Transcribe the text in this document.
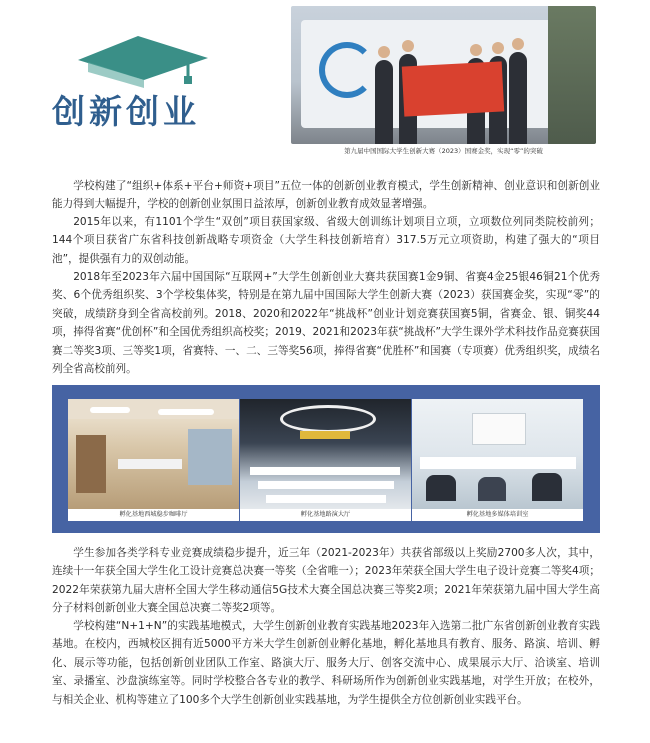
创新创业
第九届中国国际大学生创新大赛（2023）国赛金奖，实现“零”的突破

学校构建了“组织+体系+平台+师资+项目”五位一体的创新创业教育模式，学生创新精神、创业意识和创新创业能力得到大幅提升，学校的创新创业氛围日益浓厚，创新创业教育成效显著增强。

2015年以来，有1101个学生“双创”项目获国家级、省级大创训练计划项目立项，立项数位列同类院校前列；144个项目获省广东省科技创新战略专项资金（大学生科技创新培育）317.5万元立项资助，构建了强大的“项目池”，提供强有力的双创动能。

2018年至2023年六届中国国际“互联网+”大学生创新创业大赛共获国赛1金9铜、省赛4金25银46铜21个优秀奖、6个优秀组织奖、3个学校集体奖，特别是在第九届中国国际大学生创新大赛（2023）获国赛金奖，实现“零”的突破，成绩跻身到全省高校前列。2018、2020和2022年“挑战杯”创业计划竞赛获国赛5铜，省赛金、银、铜奖44项，捧得省赛“优创杯”和全国优秀组织高校奖；2019、2021和2023年获“挑战杯”大学生课外学术科技作品竞赛获国赛二等奖3项、三等奖1项，省赛特、一、二、三等奖56项，捧得省赛“优胜杯”和国赛（专项赛）优秀组织奖，成绩名列全省高校前列。

孵化基地西城稳步咖啡厅	孵化基地路演大厅	孵化基地多媒体培训室

学生参加各类学科专业竞赛成绩稳步提升，近三年（2021-2023年）共获省部级以上奖励2700多人次，其中，连续十一年获全国大学生化工设计竞赛总决赛一等奖（全省唯一）；2023年荣获全国大学生电子设计竞赛二等奖4项；2022年荣获第九届大唐杯全国大学生移动通信5G技术大赛全国总决赛三等奖2项；2021年荣获第九届中国大学生高分子材料创新创业大赛全国总决赛二等奖2项等。

学校构建“N+1+N”的实践基地模式，大学生创新创业教育实践基地2023年入选第二批广东省创新创业教育实践基地。在校内，西城校区拥有近5000平方米大学生创新创业孵化基地，孵化基地具有教育、服务、路演、培训、孵化、展示等功能，包括创新创业团队工作室、路演大厅、服务大厅、创客交流中心、成果展示大厅、洽谈室、培训室、录播室、沙盘演练室等。同时学校整合各专业的教学、科研场所作为创新创业实践基地，对学生开放；在校外，与相关企业、机构等建立了100多个大学生创新创业实践基地，为学生提供全方位创新创业实践平台。
